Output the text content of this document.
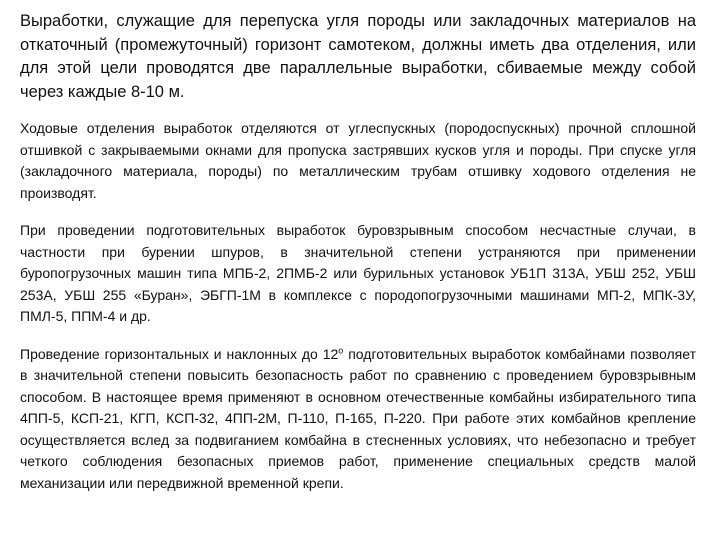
Выработки, служащие для перепуска угля породы или закладочных материалов на откаточный (промежуточный) горизонт самотеком, должны иметь два отделения, или для этой цели проводятся две параллельные выработки, сбиваемые между собой через каждые 8-10 м.

Ходовые отделения выработок отделяются от углеспускных (породоспускных) прочной сплошной отшивкой с закрываемыми окнами для пропуска застрявших кусков угля и породы. При спуске угля (закладочного материала, породы) по металлическим трубам отшивку ходового отделения не производят.

При проведении подготовительных выработок буровзрывным способом несчастные случаи, в частности при бурении шпуров, в значительной степени устраняются при применении буропогрузочных машин типа МПБ-2, 2ПМБ-2 или бурильных установок УБ1П 313А, УБШ 252, УБШ 253А, УБШ 255 «Буран», ЭБГП-1М в комплексе с породопогрузочными машинами МП-2, МПК-3У, ПМЛ-5, ППМ-4 и др.

Проведение горизонтальных и наклонных до $12^о$ подготовительных выработок комбайнами позволяет в значительной степени повысить безопасность работ по сравнению с проведением буровзрывным способом. В настоящее время применяют в основном отечественные комбайны избирательного типа 4ПП-5, КСП-21, КГП, КСП-32, 4ПП-2М, П-110, П-165, П-220. При работе этих комбайнов крепление осуществляется вслед за подвиганием комбайна в стесненных условиях, что небезопасно и требует четкого соблюдения безопасных приемов работ, применение специальных средств малой механизации или передвижной временной крепи.
